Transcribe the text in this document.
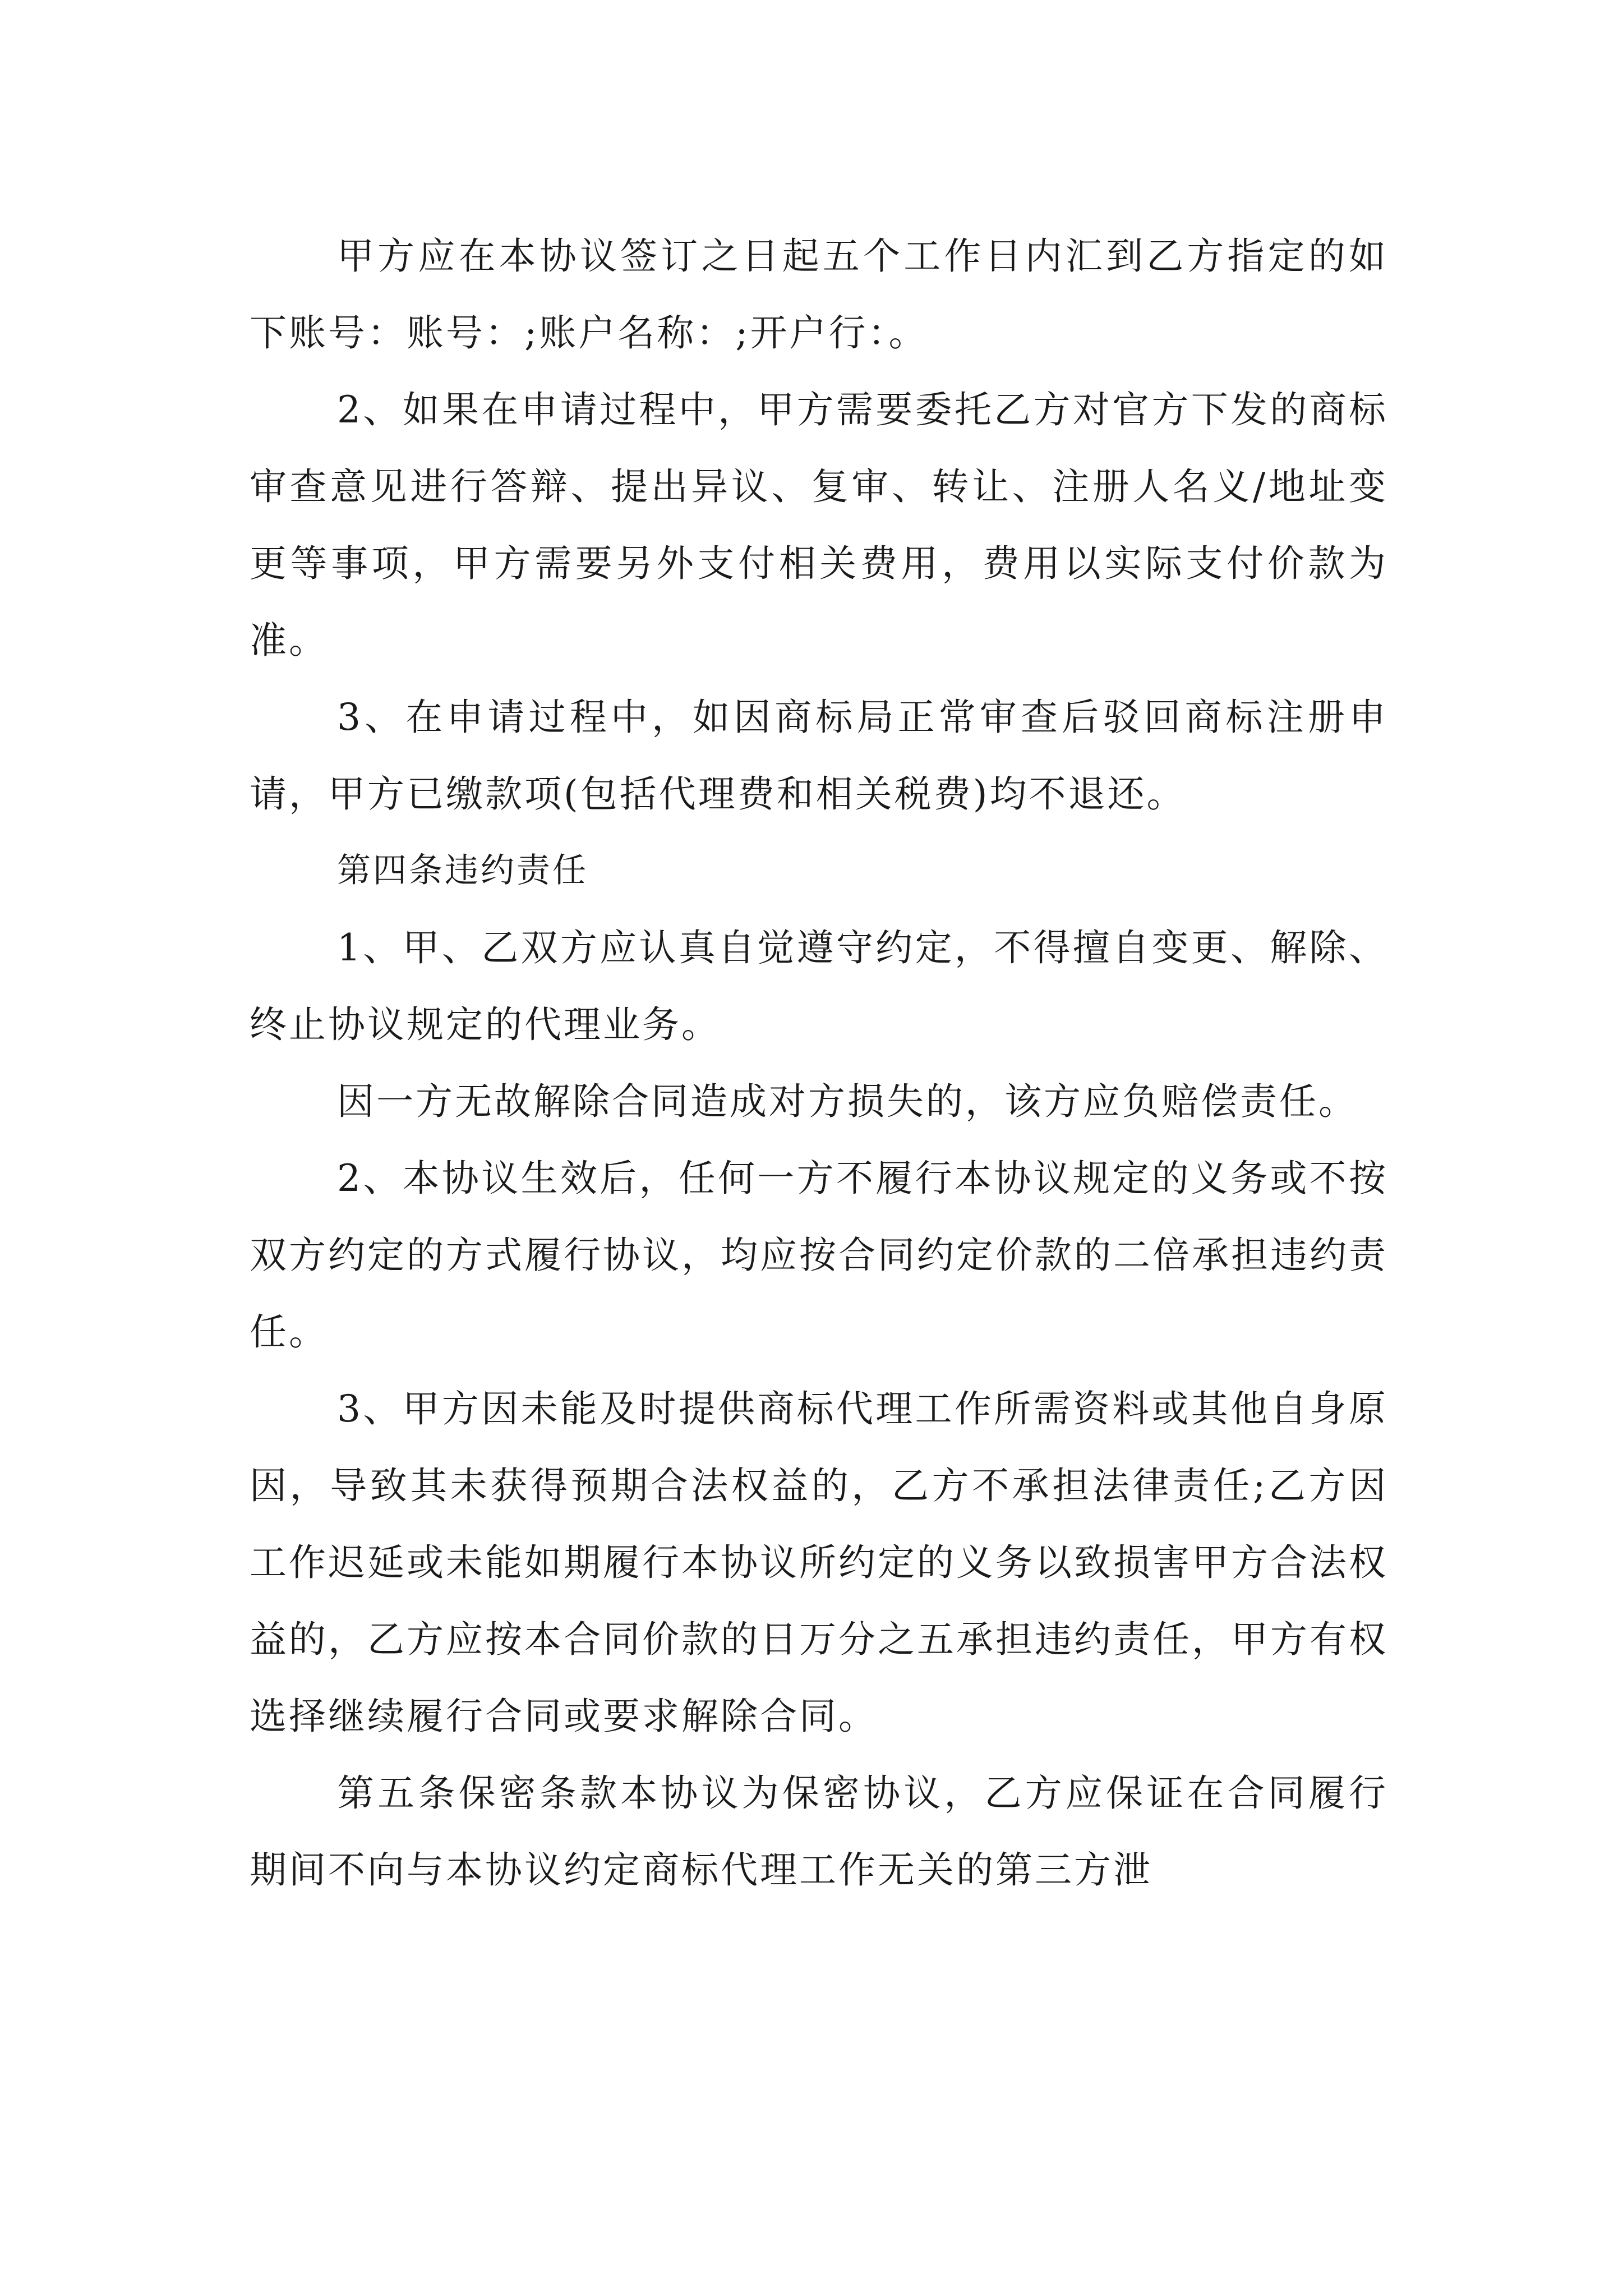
甲方应在本协议签订之日起五个工作日内汇到乙方指定的如下账号：账号：;账户名称：;开户行：。

2、如果在申请过程中，甲方需要委托乙方对官方下发的商标审查意见进行答辩、提出异议、复审、转让、注册人名义/地址变更等事项，甲方需要另外支付相关费用，费用以实际支付价款为准。

3、在申请过程中，如因商标局正常审查后驳回商标注册申请，甲方已缴款项(包括代理费和相关税费)均不退还。

第四条违约责任

1、甲、乙双方应认真自觉遵守约定，不得擅自变更、解除、终止协议规定的代理业务。

因一方无故解除合同造成对方损失的，该方应负赔偿责任。

2、本协议生效后，任何一方不履行本协议规定的义务或不按双方约定的方式履行协议，均应按合同约定价款的二倍承担违约责任。

3、甲方因未能及时提供商标代理工作所需资料或其他自身原因，导致其未获得预期合法权益的，乙方不承担法律责任;乙方因工作迟延或未能如期履行本协议所约定的义务以致损害甲方合法权益的，乙方应按本合同价款的日万分之五承担违约责任，甲方有权选择继续履行合同或要求解除合同。

第五条保密条款本协议为保密协议，乙方应保证在合同履行期间不向与本协议约定商标代理工作无关的第三方泄
